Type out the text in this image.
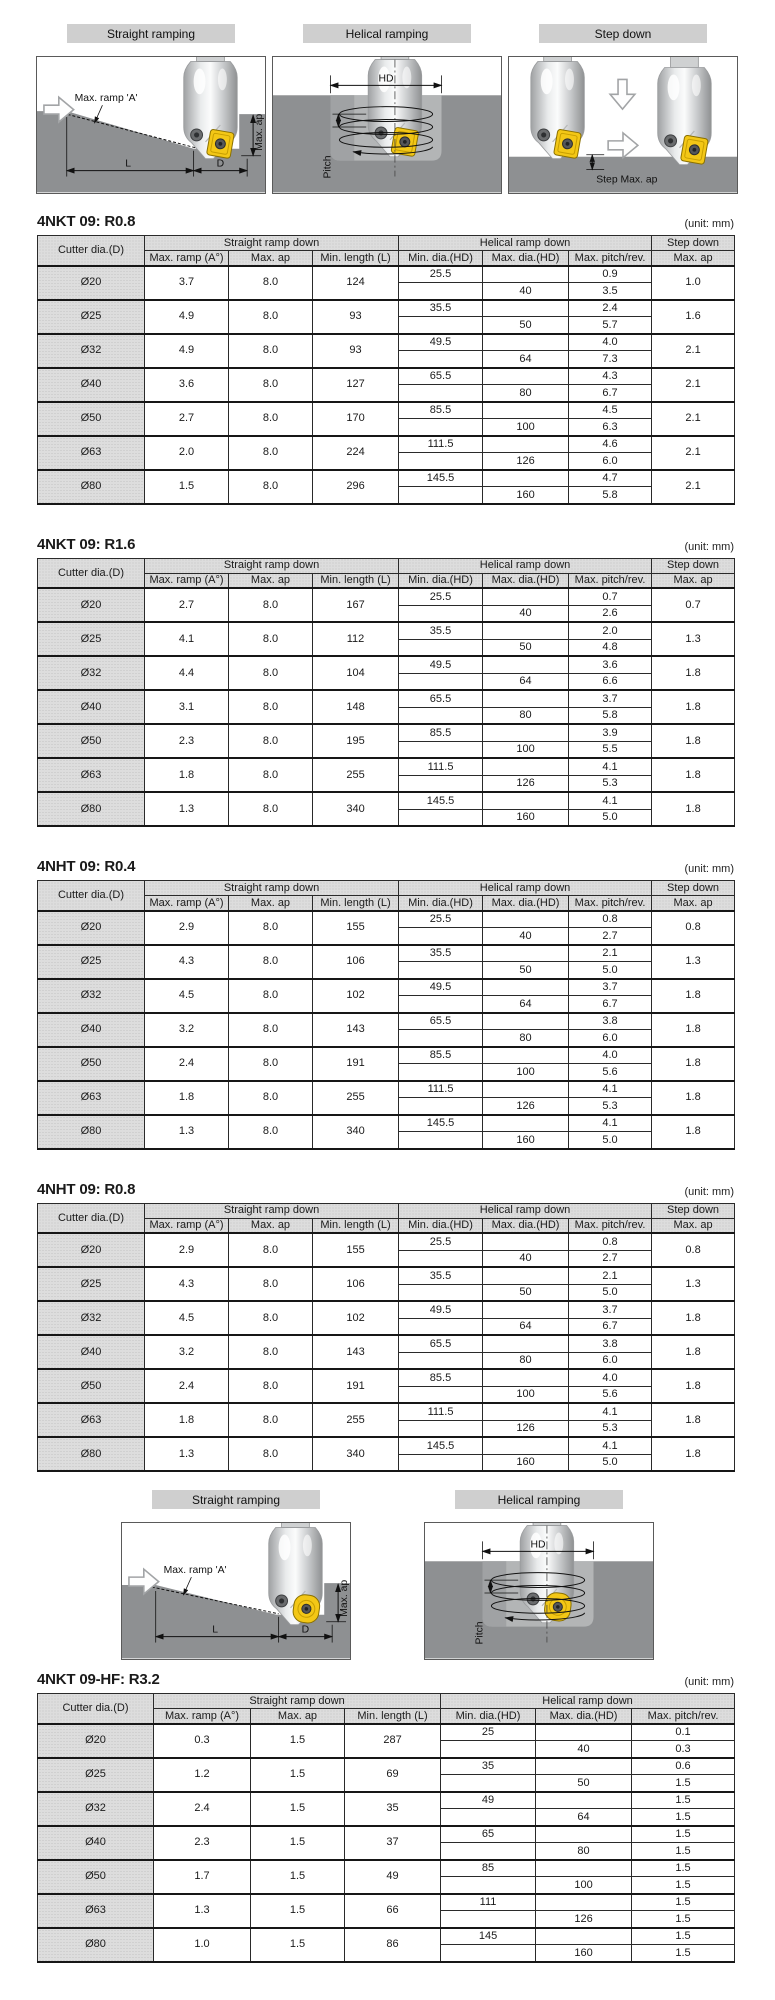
Straight ramping
Max. ramp 'A'
Max. ap
L	D
Helical ramping
HD
Pitch
Step down
Step Max. ap
4NKT 09: R0.8	(unit: mm)
Cutter dia.(D)	Straight ramp down			Helical ramp down			Step down
	Max. ramp (A°)	Max. ap	Min. length (L)	Min. dia.(HD)	Max. dia.(HD)	Max. pitch/rev.	Max. ap
Ø20	3.7	8.0	124	25.5		0.9	1.0
					40	3.5	
Ø25	4.9	8.0	93	35.5		2.4	1.6
					50	5.7	
Ø32	4.9	8.0	93	49.5		4.0	2.1
					64	7.3	
Ø40	3.6	8.0	127	65.5		4.3	2.1
					80	6.7	
Ø50	2.7	8.0	170	85.5		4.5	2.1
					100	6.3	
Ø63	2.0	8.0	224	111.5		4.6	2.1
					126	6.0	
Ø80	1.5	8.0	296	145.5		4.7	2.1
					160	5.8	
4NKT 09: R1.6	(unit: mm)
Cutter dia.(D)	Straight ramp down			Helical ramp down			Step down
	Max. ramp (A°)	Max. ap	Min. length (L)	Min. dia.(HD)	Max. dia.(HD)	Max. pitch/rev.	Max. ap
Ø20	2.7	8.0	167	25.5		0.7	0.7
					40	2.6	
Ø25	4.1	8.0	112	35.5		2.0	1.3
					50	4.8	
Ø32	4.4	8.0	104	49.5		3.6	1.8
					64	6.6	
Ø40	3.1	8.0	148	65.5		3.7	1.8
					80	5.8	
Ø50	2.3	8.0	195	85.5		3.9	1.8
					100	5.5	
Ø63	1.8	8.0	255	111.5		4.1	1.8
					126	5.3	
Ø80	1.3	8.0	340	145.5		4.1	1.8
					160	5.0	
4NHT 09: R0.4	(unit: mm)
Cutter dia.(D)	Straight ramp down			Helical ramp down			Step down
	Max. ramp (A°)	Max. ap	Min. length (L)	Min. dia.(HD)	Max. dia.(HD)	Max. pitch/rev.	Max. ap
Ø20	2.9	8.0	155	25.5		0.8	0.8
					40	2.7	
Ø25	4.3	8.0	106	35.5		2.1	1.3
					50	5.0	
Ø32	4.5	8.0	102	49.5		3.7	1.8
					64	6.7	
Ø40	3.2	8.0	143	65.5		3.8	1.8
					80	6.0	
Ø50	2.4	8.0	191	85.5		4.0	1.8
					100	5.6	
Ø63	1.8	8.0	255	111.5		4.1	1.8
					126	5.3	
Ø80	1.3	8.0	340	145.5		4.1	1.8
					160	5.0	
4NHT 09: R0.8	(unit: mm)
Cutter dia.(D)	Straight ramp down			Helical ramp down			Step down
	Max. ramp (A°)	Max. ap	Min. length (L)	Min. dia.(HD)	Max. dia.(HD)	Max. pitch/rev.	Max. ap
Ø20	2.9	8.0	155	25.5		0.8	0.8
					40	2.7	
Ø25	4.3	8.0	106	35.5		2.1	1.3
					50	5.0	
Ø32	4.5	8.0	102	49.5		3.7	1.8
					64	6.7	
Ø40	3.2	8.0	143	65.5		3.8	1.8
					80	6.0	
Ø50	2.4	8.0	191	85.5		4.0	1.8
					100	5.6	
Ø63	1.8	8.0	255	111.5		4.1	1.8
					126	5.3	
Ø80	1.3	8.0	340	145.5		4.1	1.8
					160	5.0	
Straight ramping
Max. ramp 'A'
Max. ap
L	D
Helical ramping
HD
Pitch
4NKT 09-HF: R3.2	(unit: mm)
Cutter dia.(D)	Straight ramp down			Helical ramp down		
	Max. ramp (A°)	Max. ap	Min. length (L)	Min. dia.(HD)	Max. dia.(HD)	Max. pitch/rev.
Ø20	0.3	1.5	287	25		0.1
					40	0.3
Ø25	1.2	1.5	69	35		0.6
					50	1.5
Ø32	2.4	1.5	35	49		1.5
					64	1.5
Ø40	2.3	1.5	37	65		1.5
					80	1.5
Ø50	1.7	1.5	49	85		1.5
					100	1.5
Ø63	1.3	1.5	66	111		1.5
					126	1.5
Ø80	1.0	1.5	86	145		1.5
					160	1.5
